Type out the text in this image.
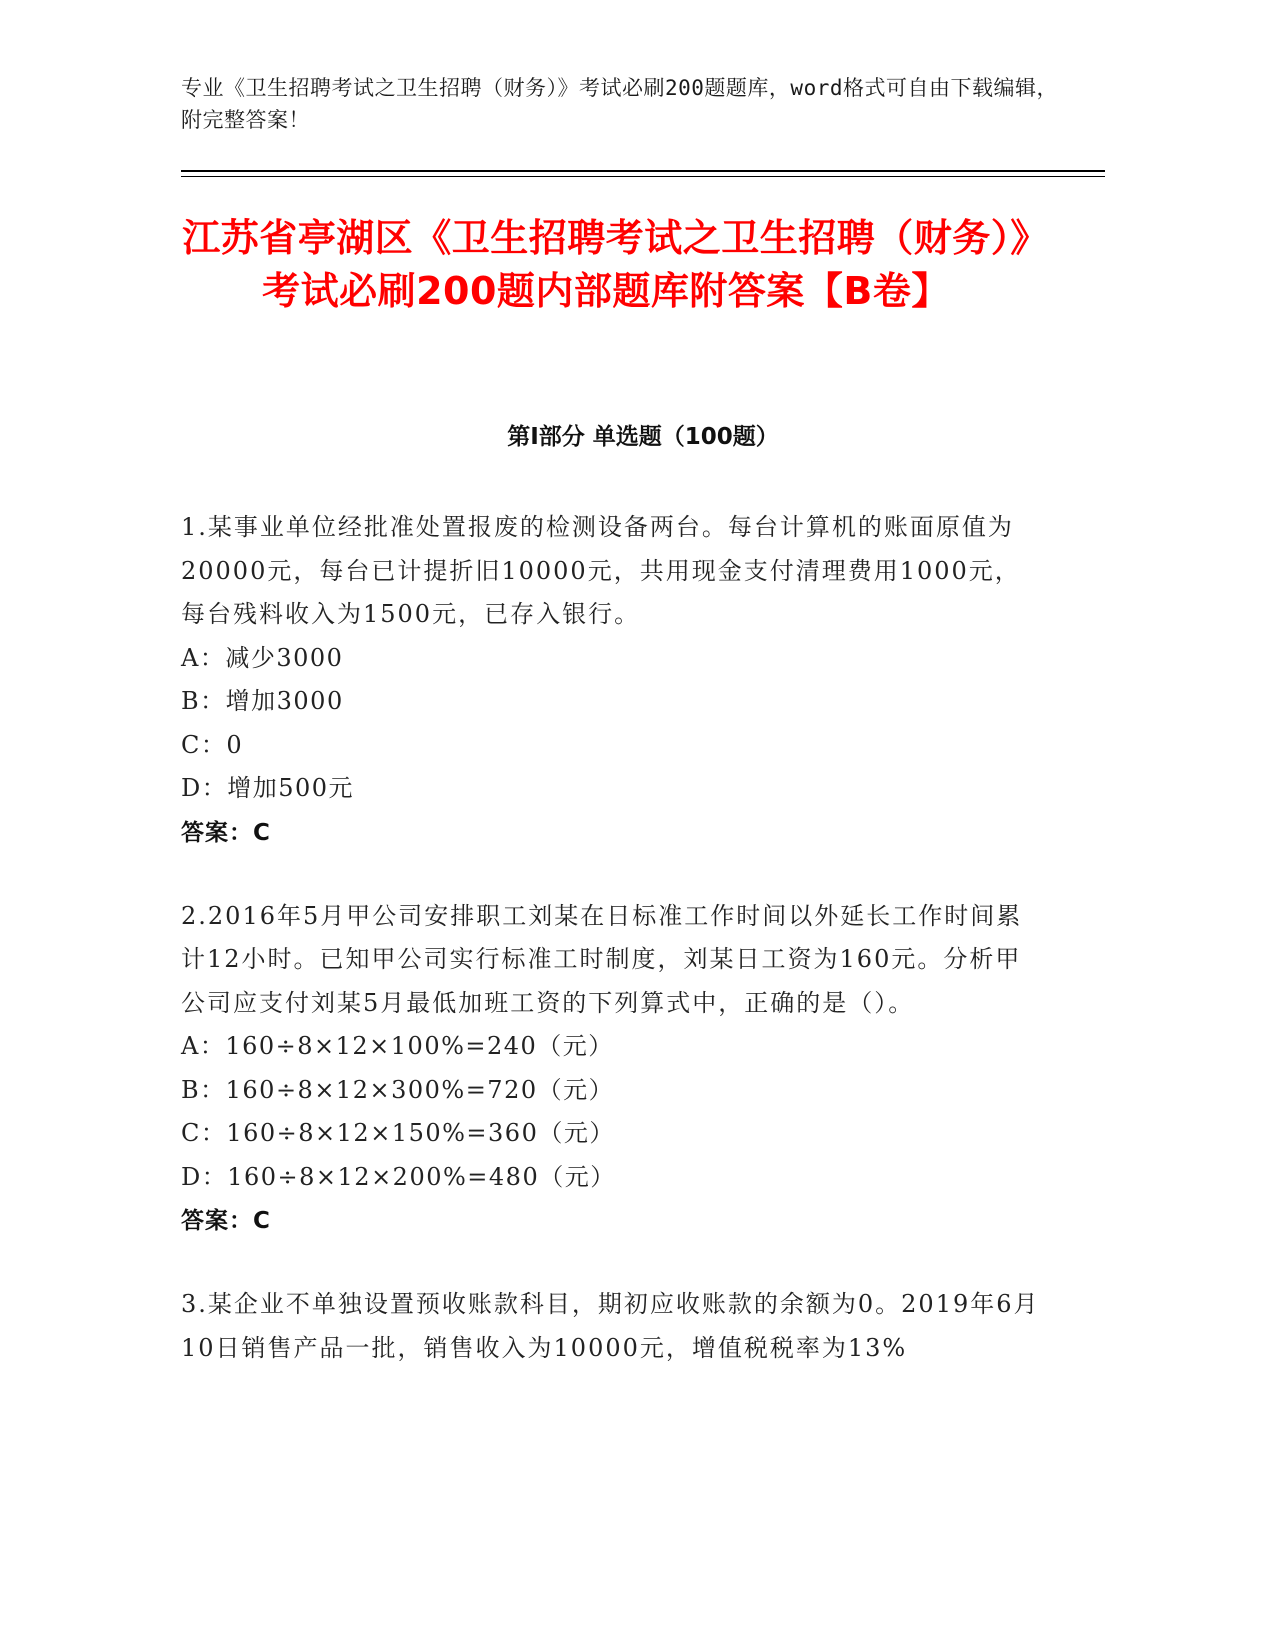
专业《卫生招聘考试之卫生招聘（财务）》考试必刷200题题库，word格式可自由下载编辑，附完整答案！
江苏省亭湖区《卫生招聘考试之卫生招聘（财务）》考试必刷200题内部题库附答案【B卷】
第Ⅰ部分 单选题（100题）
1.某事业单位经批准处置报废的检测设备两台。每台计算机的账面原值为20000元，每台已计提折旧10000元，共用现金支付清理费用1000元，每台残料收入为1500元，已存入银行。
A：减少3000
B：增加3000
C：0
D：增加500元
答案：C
2.2016年5月甲公司安排职工刘某在日标准工作时间以外延长工作时间累计12小时。已知甲公司实行标准工时制度，刘某日工资为160元。分析甲公司应支付刘某5月最低加班工资的下列算式中，正确的是（）。
A：160÷8×12×100%=240（元）
B：160÷8×12×300%=720（元）
C：160÷8×12×150%=360（元）
D：160÷8×12×200%=480（元）
答案：C
3.某企业不单独设置预收账款科目，期初应收账款的余额为0。2019年6月10日销售产品一批，销售收入为10000元，增值税税率为13%
